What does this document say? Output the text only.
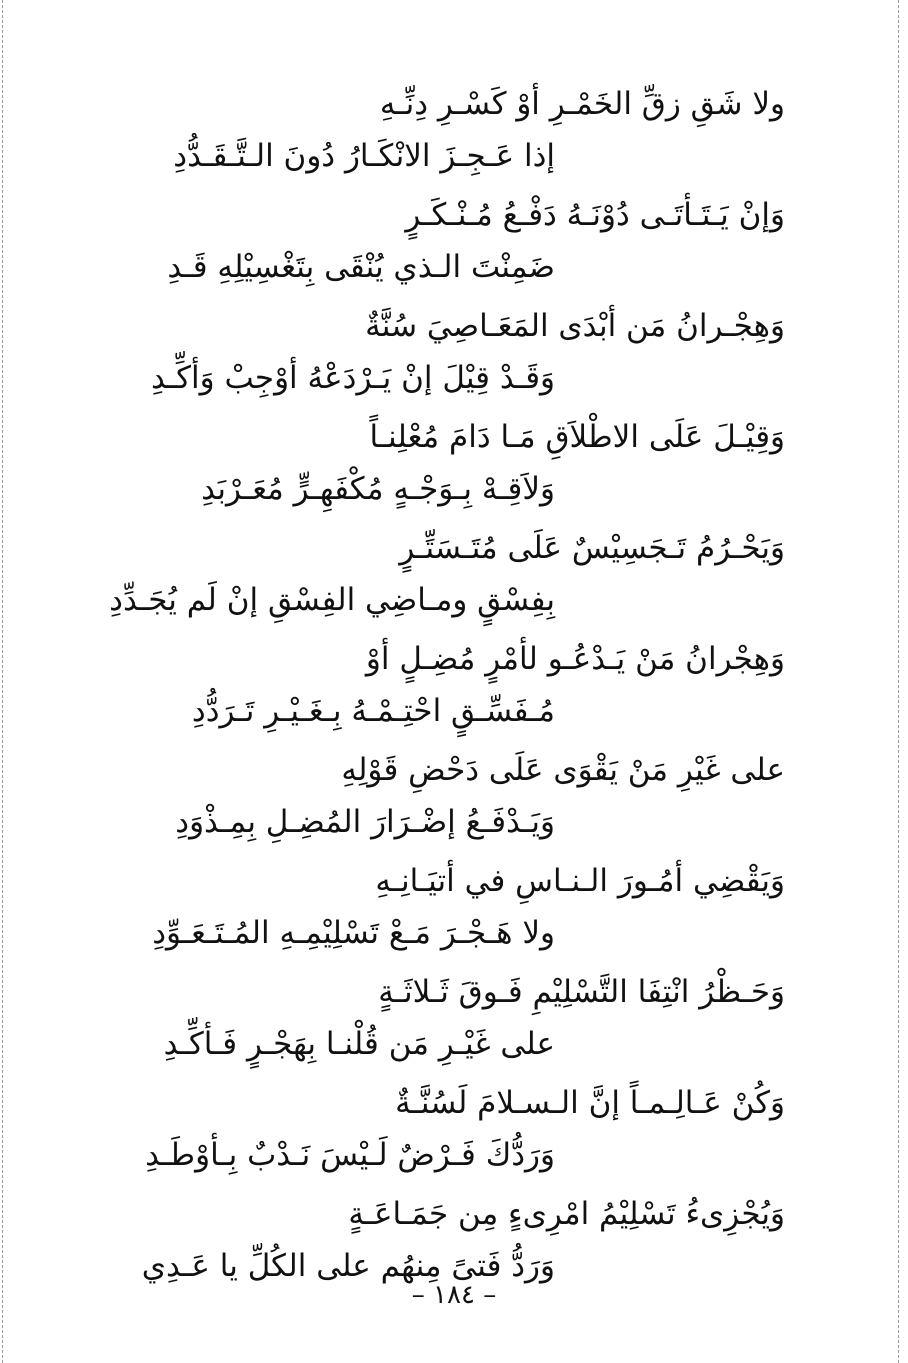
ولا شَقِ زقِّ الخَمْـرِ أوْ كَسْـرِ دِنِّـهِ
إذا عَـجِـزَ الانْكَـارُ دُونَ الـتَّـقَـدُّدِ
وَإنْ يَـتَـأتَـى دُوْنَـهُ دَفْـعُ مُـنْـكَـرٍ
ضَمِنْتَ الـذي يُنْقَى بِتَغْسِيْلِهِ قَـدِ
وَهِجْـرانُ مَن أبْدَى المَعَـاصِيَ سُنَّةٌ
وَقَـدْ قِيْلَ إنْ يَـرْدَعْهُ أوْجِبْ وَأكِّـدِ
وَقِيْـلَ عَلَى الاطْلاَقِ مَـا دَامَ مُعْلِنـاً
وَلاَقِـهْ بِـوَجْـهٍ مُكْفَهِـرٍّ مُعَـرْبَدِ
وَيَحْـرُمُ تَـجَسِيْسٌ عَلَى مُتَـسَتِّـرٍ
بِفِسْقٍ ومـاضِي الفِسْقِ إنْ لَم يُجَـدِّدِ
وَهِجْرانُ مَنْ يَـدْعُـو لأمْرٍ مُضِـلٍ أوْ
مُـفَسِّـقٍ احْتِـمْـهُ بِـغَـيْـرِ تَـرَدُّدِ
على غَيْرِ مَنْ يَقْوَى عَلَى دَحْضِ قَوْلِهِ
وَيَـدْفَـعُ إضْـرَارَ المُضِـلِ بِمِـذْوَدِ
وَيَقْضِي أمُـورَ الـنـاسِ في أتيَـانِـهِ
ولا هَـجْـرَ مَـعْ تَسْلِيْمِـهِ المُـتَـعَـوِّدِ
وَحَـظْرُ انْتِفَا التَّسْلِيْمِ فَـوقَ ثَـلاثَـةٍ
على غَيْـرِ مَن قُلْنـا بِهَجْـرٍ فَـأكِّـدِ
وَكُنْ عَـالِـمـاً إنَّ الـسـلامَ لَسُنَّـةٌ
وَرَدُّكَ فَـرْضٌ لَـيْسَ نَـدْبٌ بِـأوْطَـدِ
وَيُجْزِىءُ تَسْلِيْمُ امْرِىءٍ مِن جَمَـاعَـةٍ
وَرَدُّ فَتىً مِنهُم على الكُلِّ يا عَـدِي
– ١٨٤ –
